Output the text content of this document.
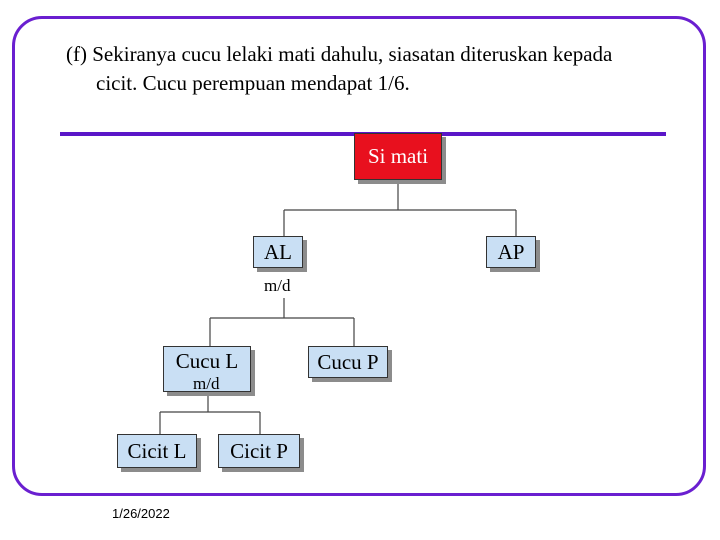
(f) Sekiranya cucu lelaki mati dahulu, siasatan diteruskan kepada
cicit. Cucu perempuan mendapat 1/6.
Si mati
AL
m/d
AP
Cucu L
m/d
Cucu P
Cicit L	Cicit P
1/26/2022
